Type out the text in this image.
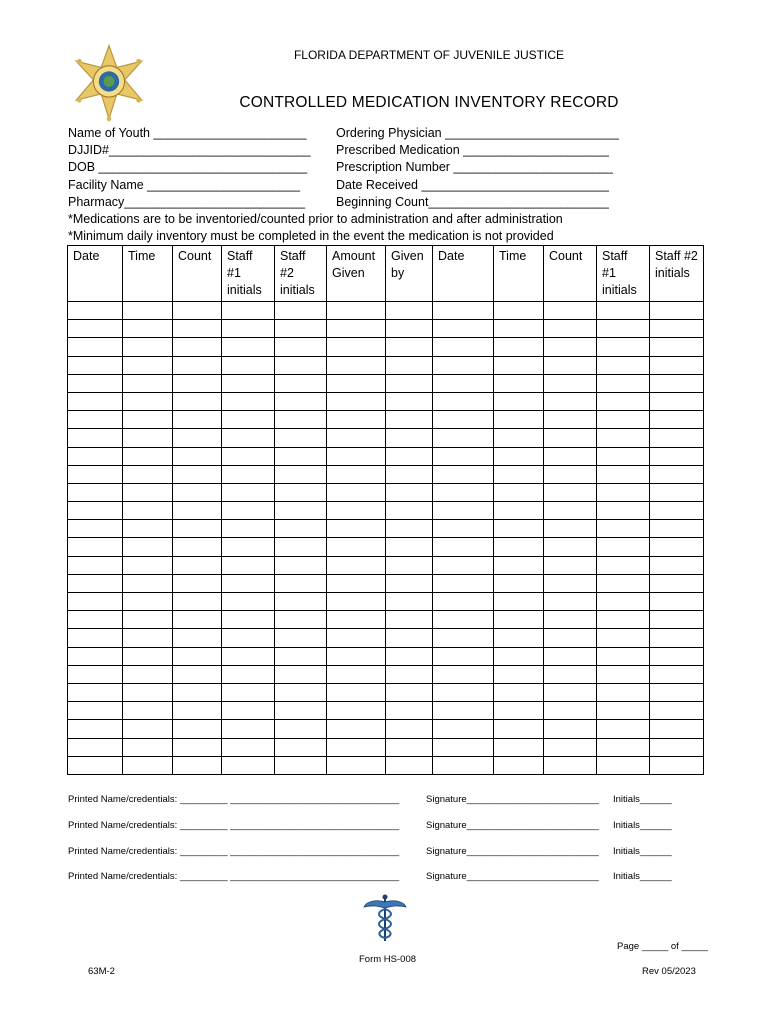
FLORIDA DEPARTMENT OF JUVENILE JUSTICE
CONTROLLED MEDICATION INVENTORY RECORD
Name of Youth ______________________	Ordering Physician _________________________
DJJID#_____________________________	Prescribed Medication _____________________
DOB ______________________________	Prescription Number _______________________
Facility Name ______________________	Date Received ___________________________
Pharmacy__________________________	Beginning Count__________________________
*Medications are to be inventoried/counted prior to administration and after administration
*Minimum daily inventory must be completed in the event the medication is not provided
Date	Time	Count	Staff #1 initials	Staff #2 initials	Amount Given	Given by	Date	Time	Count	Staff #1 initials	Staff #2 initials

Printed Name/credentials: _________ ________________________________	Signature_________________________ Initials______
Printed Name/credentials: _________ ________________________________	Signature_________________________ Initials______
Printed Name/credentials: _________ ________________________________	Signature_________________________ Initials______
Printed Name/credentials: _________ ________________________________	Signature_________________________ Initials______
Page _____ of _____
Form HS-008
63M-2	Rev 05/2023
